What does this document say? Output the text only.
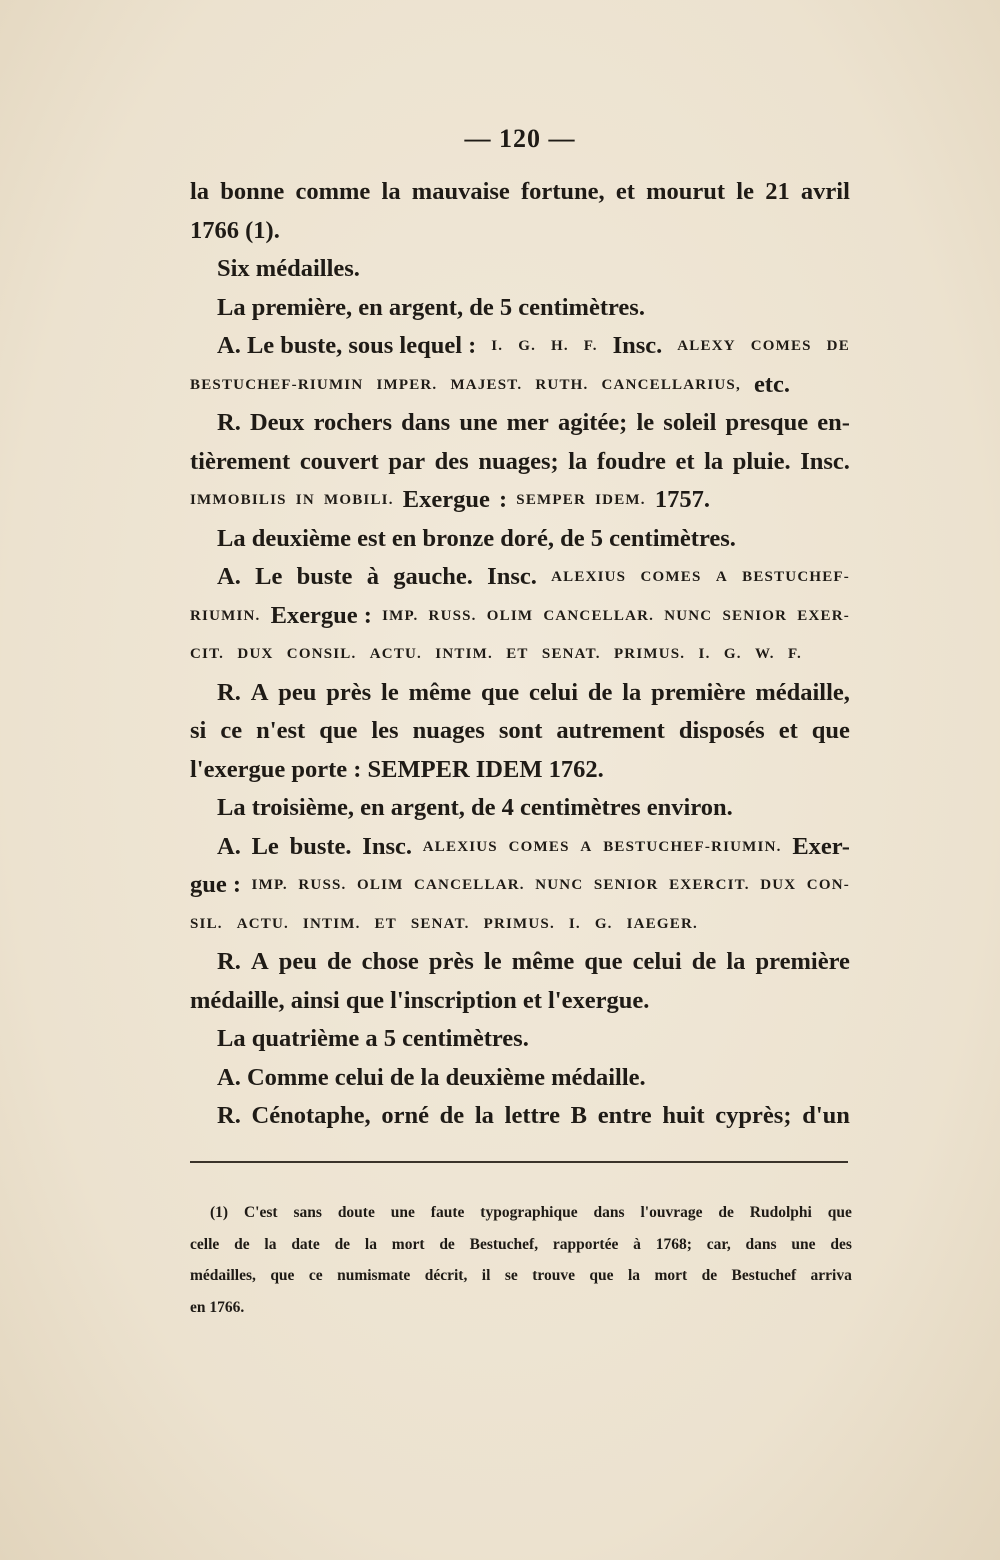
— 120 —
la bonne comme la mauvaise fortune, et mourut le 21 avril
1766 (1).
Six médailles.
La première, en argent, de 5 centimètres.
A. Le buste, sous lequel : I. G. H. F. Insc. ALEXY COMES DE
BESTUCHEF-RIUMIN IMPER. MAJEST. RUTH. CANCELLARIUS, etc.
R. Deux rochers dans une mer agitée; le soleil presque en-
tièrement couvert par des nuages; la foudre et la pluie. Insc.
IMMOBILIS IN MOBILI. Exergue : SEMPER IDEM. 1757.
La deuxième est en bronze doré, de 5 centimètres.
A. Le buste à gauche. Insc. ALEXIUS COMES A BESTUCHEF-
RIUMIN. Exergue : IMP. RUSS. OLIM CANCELLAR. NUNC SENIOR EXER-
CIT. DUX CONSIL. ACTU. INTIM. ET SENAT. PRIMUS. I. G. W. F.
R. A peu près le même que celui de la première médaille,
si ce n'est que les nuages sont autrement disposés et que
l'exergue porte : SEMPER IDEM 1762.
La troisième, en argent, de 4 centimètres environ.
A. Le buste. Insc. ALEXIUS COMES A BESTUCHEF-RIUMIN. Exer-
gue : IMP. RUSS. OLIM CANCELLAR. NUNC SENIOR EXERCIT. DUX CON-
SIL. ACTU. INTIM. ET SENAT. PRIMUS. I. G. IAEGER.
R. A peu de chose près le même que celui de la première
médaille, ainsi que l'inscription et l'exergue.
La quatrième a 5 centimètres.
A. Comme celui de la deuxième médaille.
R. Cénotaphe, orné de la lettre B entre huit cyprès; d'un
(1) C'est sans doute une faute typographique dans l'ouvrage de Rudolphi que
celle de la date de la mort de Bestuchef, rapportée à 1768; car, dans une des
médailles, que ce numismate décrit, il se trouve que la mort de Bestuchef arriva
en 1766.
